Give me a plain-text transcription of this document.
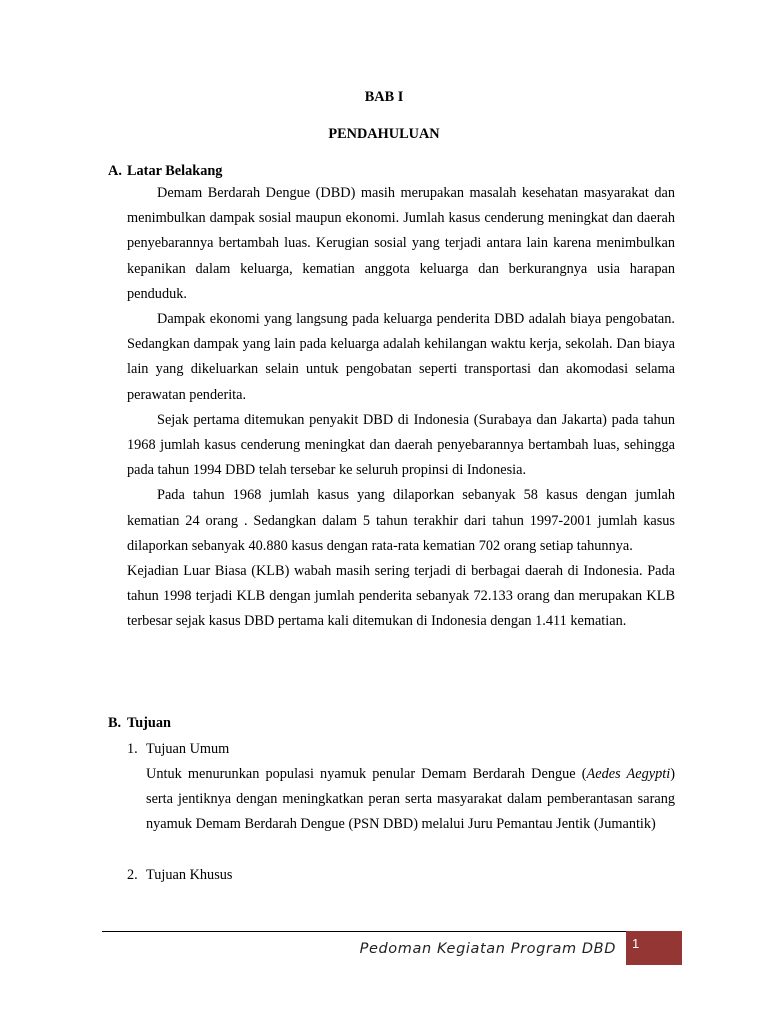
BAB I
PENDAHULUAN
A. Latar Belakang

Demam Berdarah Dengue (DBD) masih merupakan masalah kesehatan masyarakat dan menimbulkan dampak sosial maupun ekonomi. Jumlah kasus cenderung meningkat dan daerah penyebarannya bertambah luas. Kerugian sosial yang terjadi antara lain karena menimbulkan kepanikan dalam keluarga, kematian anggota keluarga dan berkurangnya usia harapan penduduk.

Dampak ekonomi yang langsung pada keluarga penderita DBD adalah biaya pengobatan. Sedangkan dampak yang lain pada keluarga adalah kehilangan waktu kerja, sekolah. Dan biaya lain yang dikeluarkan selain untuk pengobatan seperti transportasi dan akomodasi selama perawatan penderita.

Sejak pertama ditemukan penyakit DBD di Indonesia (Surabaya dan Jakarta) pada tahun 1968 jumlah kasus cenderung meningkat dan daerah penyebarannya bertambah luas, sehingga pada tahun 1994 DBD telah tersebar ke seluruh propinsi di Indonesia.

Pada tahun 1968 jumlah kasus yang dilaporkan sebanyak 58 kasus dengan jumlah kematian 24 orang . Sedangkan dalam 5 tahun terakhir dari tahun 1997-2001 jumlah kasus dilaporkan sebanyak 40.880 kasus dengan rata-rata kematian 702 orang setiap tahunnya.

Kejadian Luar Biasa (KLB) wabah masih sering terjadi di berbagai daerah di Indonesia. Pada tahun 1998 terjadi KLB dengan jumlah penderita sebanyak 72.133 orang dan merupakan KLB terbesar sejak kasus DBD pertama kali ditemukan di Indonesia dengan 1.411 kematian.

B. Tujuan
1. Tujuan Umum

Untuk menurunkan populasi nyamuk penular Demam Berdarah Dengue (Aedes Aegypti) serta jentiknya dengan meningkatkan peran serta masyarakat dalam pemberantasan sarang nyamuk Demam Berdarah Dengue (PSN DBD) melalui Juru Pemantau Jentik (Jumantik)

2. Tujuan Khusus
Pedoman Kegiatan Program DBD 1
